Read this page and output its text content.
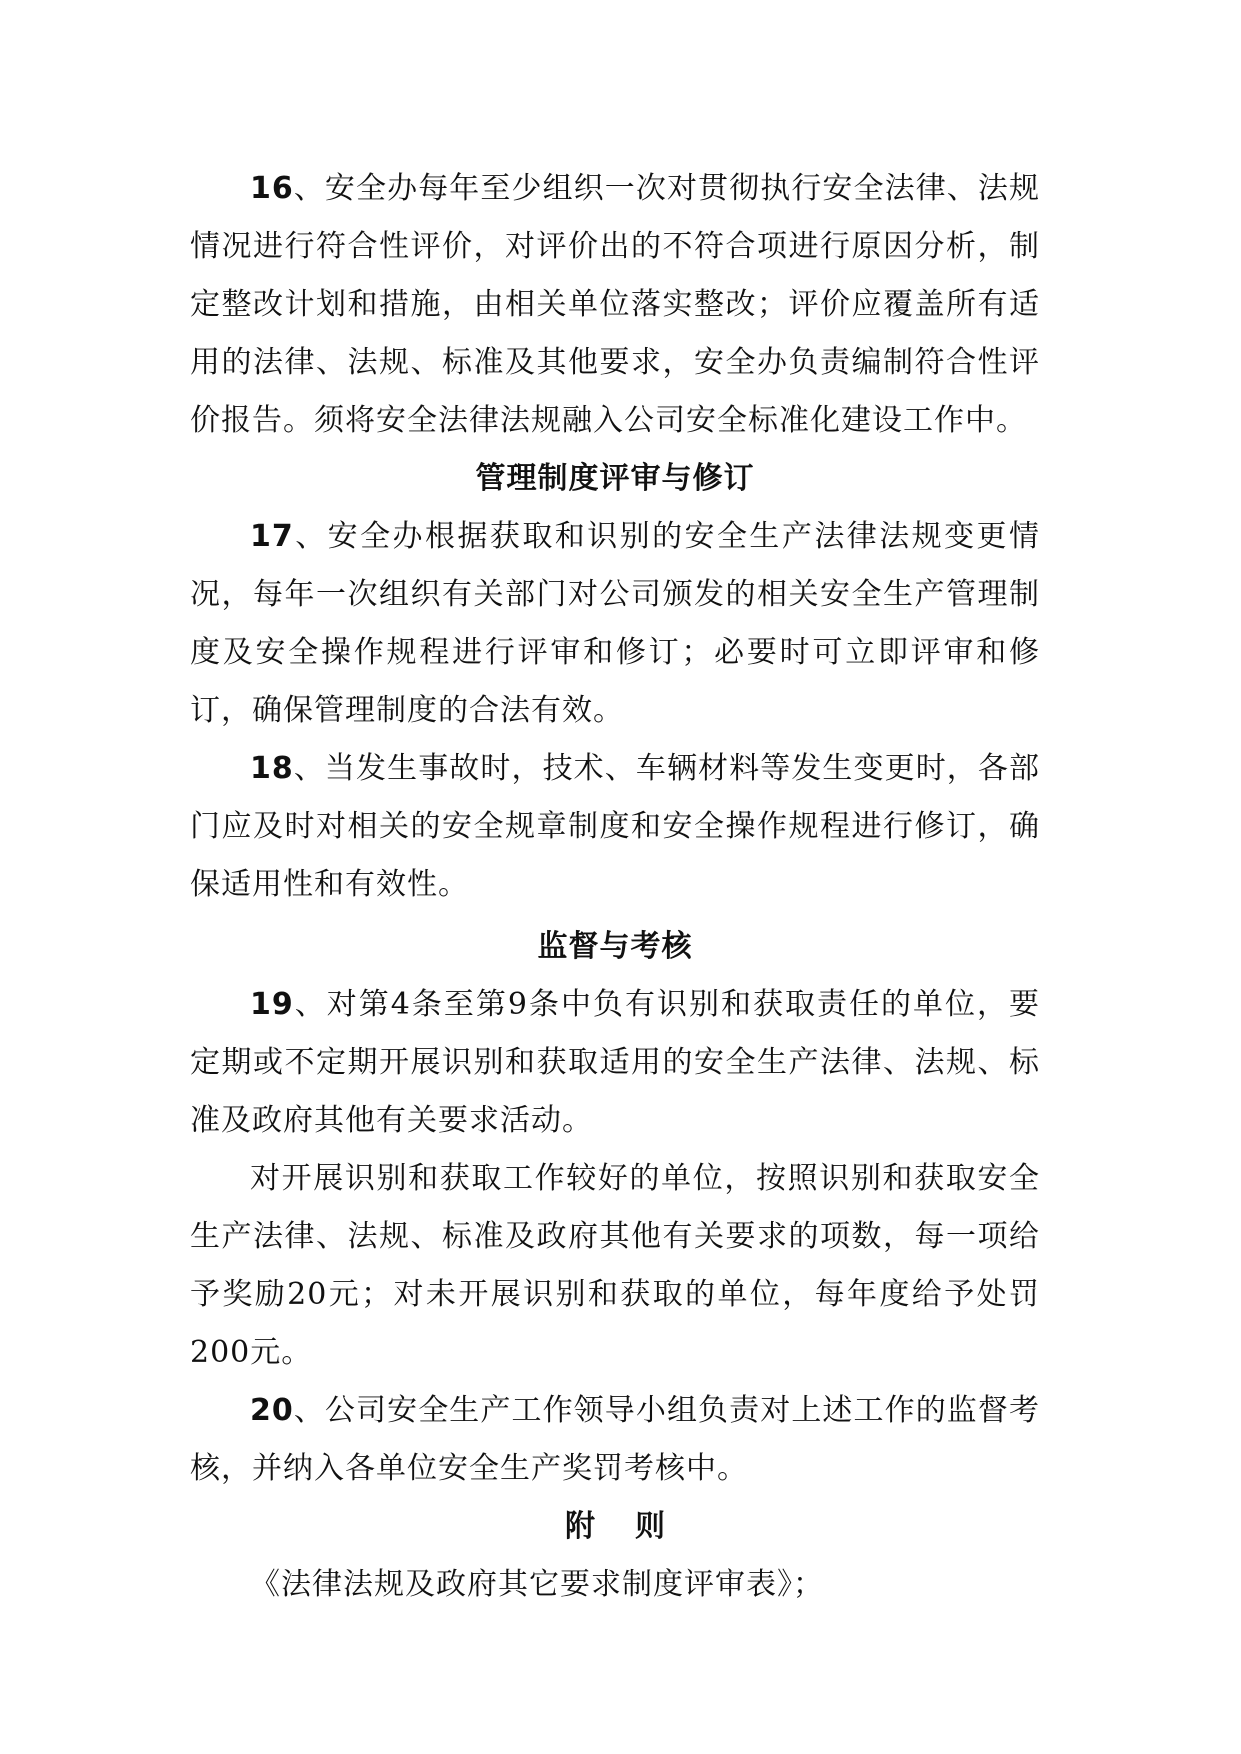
16、安全办每年至少组织一次对贯彻执行安全法律、法规情况进行符合性评价，对评价出的不符合项进行原因分析，制定整改计划和措施，由相关单位落实整改；评价应覆盖所有适用的法律、法规、标准及其他要求，安全办负责编制符合性评价报告。须将安全法律法规融入公司安全标准化建设工作中。

管理制度评审与修订

17、安全办根据获取和识别的安全生产法律法规变更情况，每年一次组织有关部门对公司颁发的相关安全生产管理制度及安全操作规程进行评审和修订；必要时可立即评审和修订，确保管理制度的合法有效。

18、当发生事故时，技术、车辆材料等发生变更时，各部门应及时对相关的安全规章制度和安全操作规程进行修订，确保适用性和有效性。

监督与考核

19、对第4条至第9条中负有识别和获取责任的单位，要定期或不定期开展识别和获取适用的安全生产法律、法规、标准及政府其他有关要求活动。

对开展识别和获取工作较好的单位，按照识别和获取安全生产法律、法规、标准及政府其他有关要求的项数，每一项给予奖励20元；对未开展识别和获取的单位，每年度给予处罚200元。

20、公司安全生产工作领导小组负责对上述工作的监督考核，并纳入各单位安全生产奖罚考核中。

附则

《法律法规及政府其它要求制度评审表》；
